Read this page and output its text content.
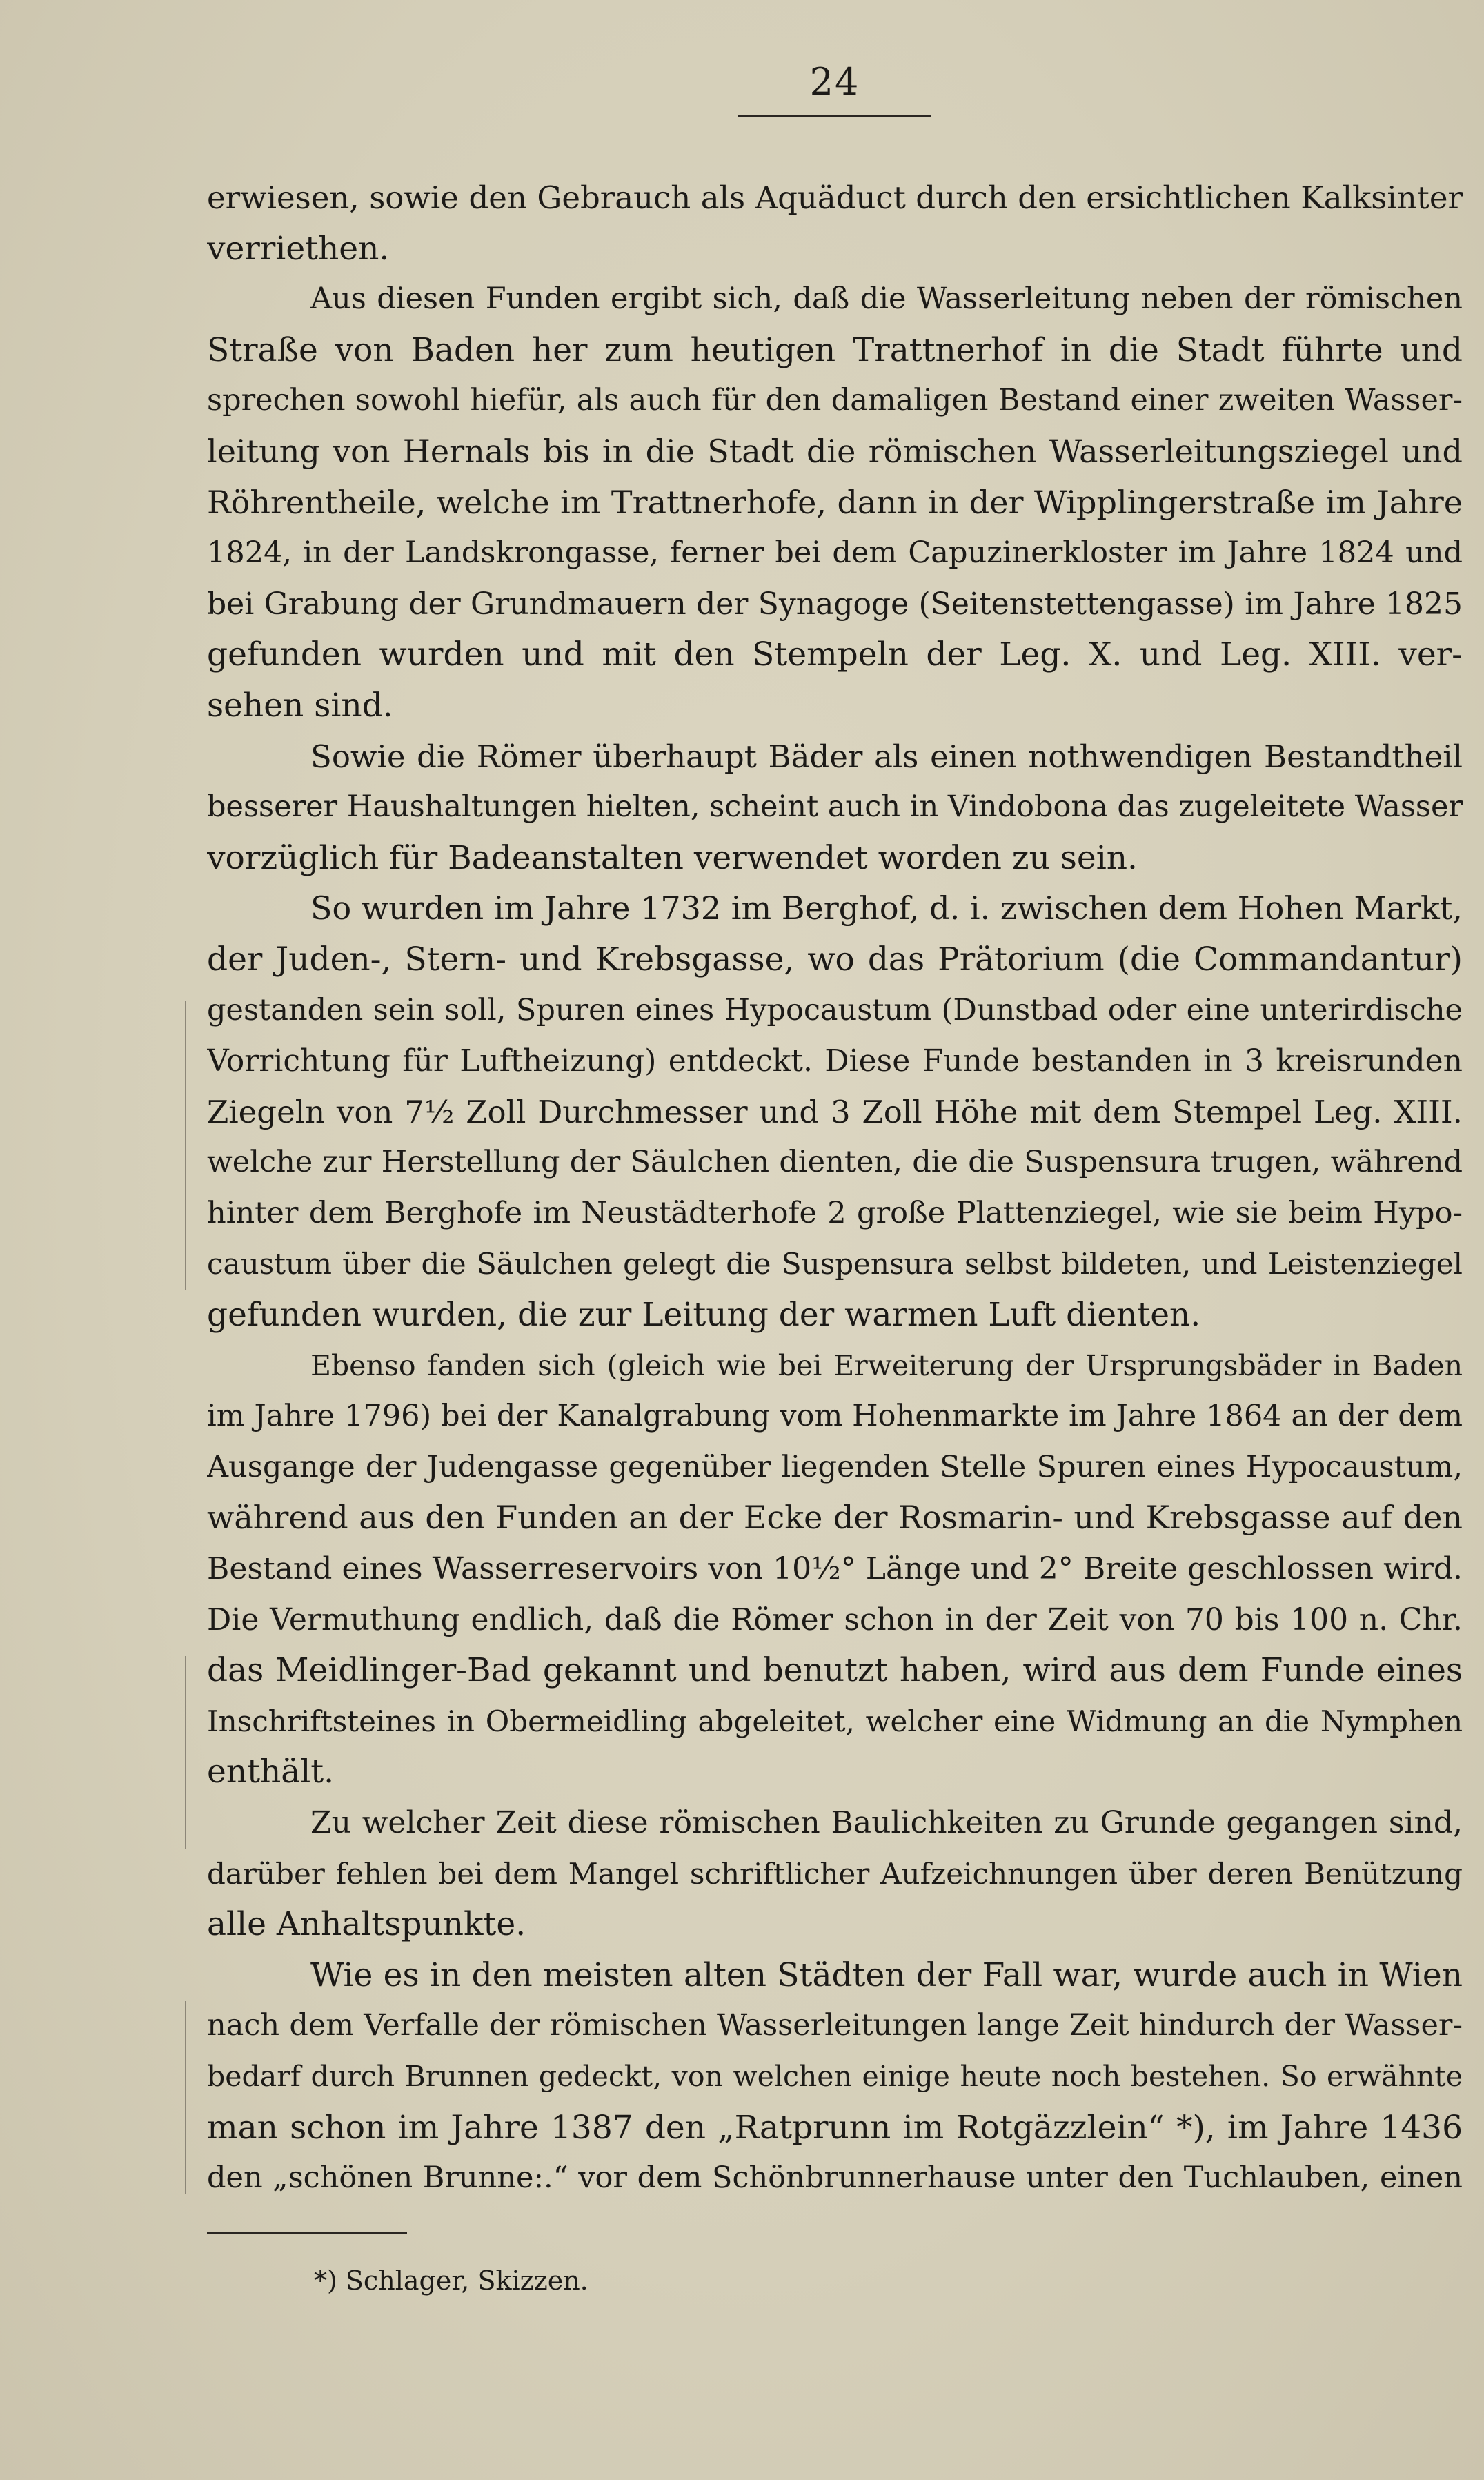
24
erwiesen, sowie den Gebrauch als Aquäduct durch den ersichtlichen Kalksinter
verriethen.
Aus diesen Funden ergibt sich, daß die Wasserleitung neben der römischen
Straße von Baden her zum heutigen Trattnerhof in die Stadt führte und
sprechen sowohl hiefür, als auch für den damaligen Bestand einer zweiten Wasser-
leitung von Hernals bis in die Stadt die römischen Wasserleitungsziegel und
Röhrentheile, welche im Trattnerhofe, dann in der Wipplingerstraße im Jahre
1824, in der Landskrongasse, ferner bei dem Capuzinerkloster im Jahre 1824 und
bei Grabung der Grundmauern der Synagoge (Seitenstettengasse) im Jahre 1825
gefunden wurden und mit den Stempeln der Leg. X. und Leg. XIII. ver-
sehen sind.
Sowie die Römer überhaupt Bäder als einen nothwendigen Bestandtheil
besserer Haushaltungen hielten, scheint auch in Vindobona das zugeleitete Wasser
vorzüglich für Badeanstalten verwendet worden zu sein.
So wurden im Jahre 1732 im Berghof, d. i. zwischen dem Hohen Markt,
der Juden-, Stern- und Krebsgasse, wo das Prätorium (die Commandantur)
gestanden sein soll, Spuren eines Hypocaustum (Dunstbad oder eine unterirdische
Vorrichtung für Luftheizung) entdeckt. Diese Funde bestanden in 3 kreisrunden
Ziegeln von 7½ Zoll Durchmesser und 3 Zoll Höhe mit dem Stempel Leg. XIII.
welche zur Herstellung der Säulchen dienten, die die Suspensura trugen, während
hinter dem Berghofe im Neustädterhofe 2 große Plattenziegel, wie sie beim Hypo-
caustum über die Säulchen gelegt die Suspensura selbst bildeten, und Leistenziegel
gefunden wurden, die zur Leitung der warmen Luft dienten.
Ebenso fanden sich (gleich wie bei Erweiterung der Ursprungsbäder in Baden
im Jahre 1796) bei der Kanalgrabung vom Hohenmarkte im Jahre 1864 an der dem
Ausgange der Judengasse gegenüber liegenden Stelle Spuren eines Hypocaustum,
während aus den Funden an der Ecke der Rosmarin- und Krebsgasse auf den
Bestand eines Wasserreservoirs von 10½° Länge und 2° Breite geschlossen wird.
Die Vermuthung endlich, daß die Römer schon in der Zeit von 70 bis 100 n. Chr.
das Meidlinger-Bad gekannt und benutzt haben, wird aus dem Funde eines
Inschriftsteines in Obermeidling abgeleitet, welcher eine Widmung an die Nymphen
enthält.
Zu welcher Zeit diese römischen Baulichkeiten zu Grunde gegangen sind,
darüber fehlen bei dem Mangel schriftlicher Aufzeichnungen über deren Benützung
alle Anhaltspunkte.
Wie es in den meisten alten Städten der Fall war, wurde auch in Wien
nach dem Verfalle der römischen Wasserleitungen lange Zeit hindurch der Wasser-
bedarf durch Brunnen gedeckt, von welchen einige heute noch bestehen. So erwähnte
man schon im Jahre 1387 den „Ratprunn im Rotgäzzlein“ *), im Jahre 1436
den „schönen Brunne:.“ vor dem Schönbrunnerhause unter den Tuchlauben, einen
*) Schlager, Skizzen.
